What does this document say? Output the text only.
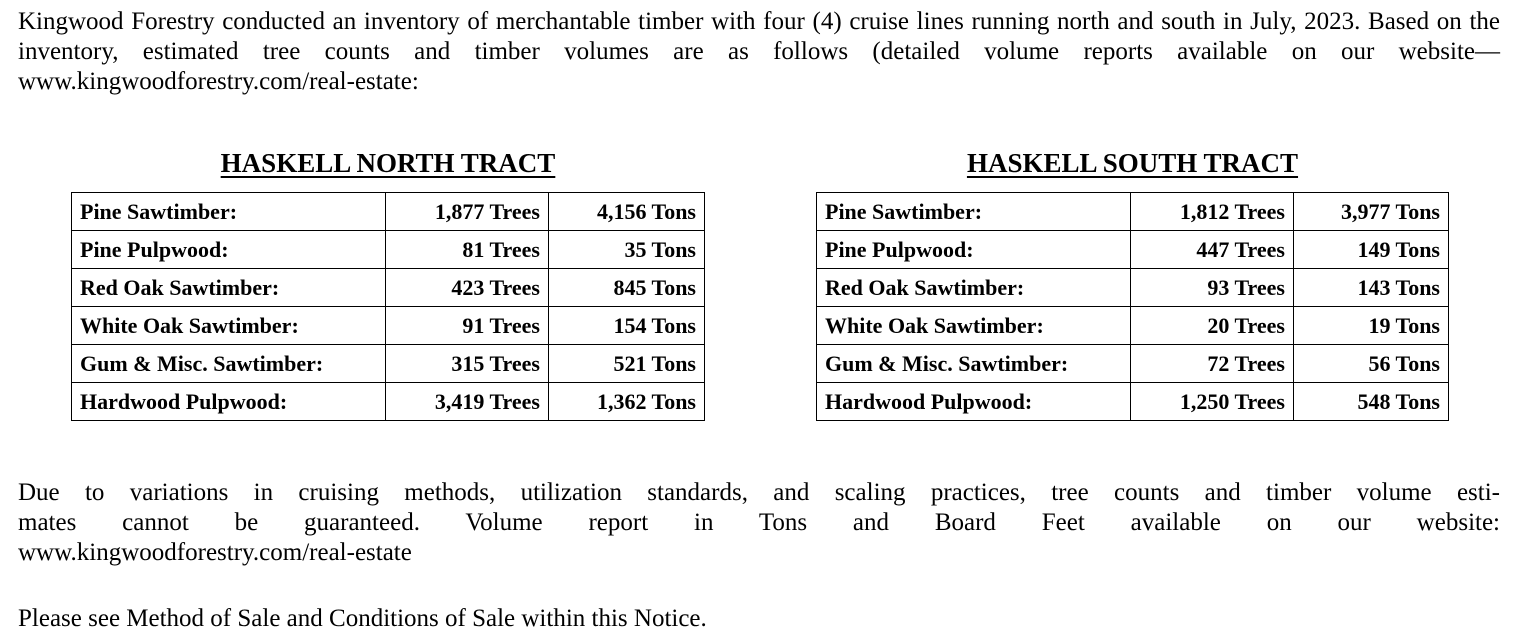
Kingwood Forestry conducted an inventory of merchantable timber with four (4) cruise lines running north and south in July, 2023. Based on the inventory, estimated tree counts and timber volumes are as follows (detailed volume reports available on our website—www.kingwoodforestry.com/real-estate:

HASKELL NORTH TRACT
Pine Sawtimber:	1,877 Trees	4,156 Tons
Pine Pulpwood:	81 Trees	35 Tons
Red Oak Sawtimber:	423 Trees	845 Tons
White Oak Sawtimber:	91 Trees	154 Tons
Gum & Misc. Sawtimber:	315 Trees	521 Tons
Hardwood Pulpwood:	3,419 Trees	1,362 Tons
HASKELL SOUTH TRACT
Pine Sawtimber:	1,812 Trees	3,977 Tons
Pine Pulpwood:	447 Trees	149 Tons
Red Oak Sawtimber:	93 Trees	143 Tons
White Oak Sawtimber:	20 Trees	19 Tons
Gum & Misc. Sawtimber:	72 Trees	56 Tons
Hardwood Pulpwood:	1,250 Trees	548 Tons
Due to variations in cruising methods, utilization standards, and scaling practices, tree counts and timber volume esti-
mates cannot be guaranteed. Volume report in Tons and Board Feet available on our website:
www.kingwoodforestry.com/real-estate

Please see Method of Sale and Conditions of Sale within this Notice.
